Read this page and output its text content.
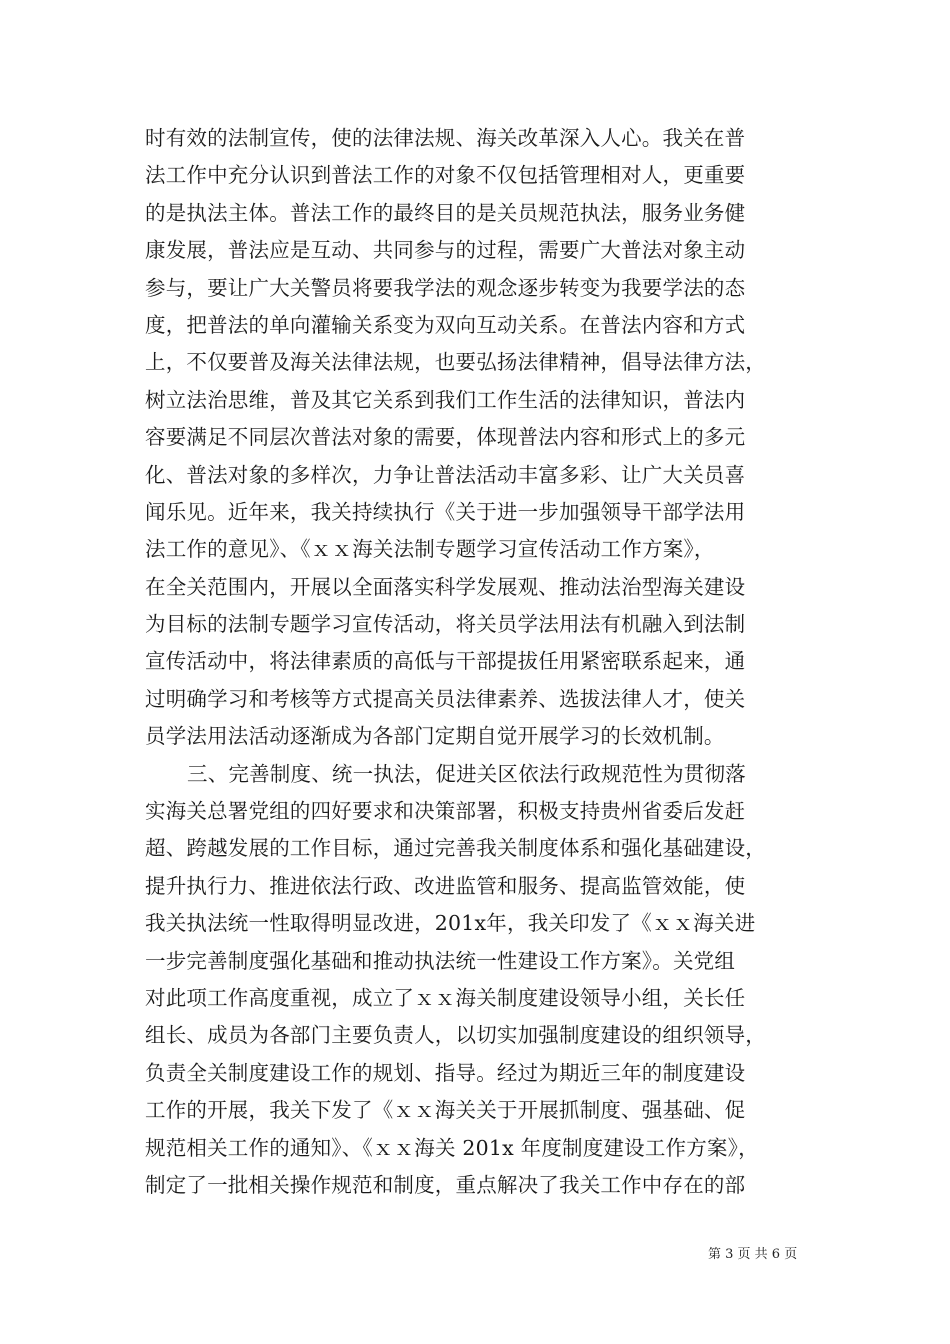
时有效的法制宣传，使的法律法规、海关改革深入人心。我关在普
法工作中充分认识到普法工作的对象不仅包括管理相对人，更重要
的是执法主体。普法工作的最终目的是关员规范执法，服务业务健
康发展，普法应是互动、共同参与的过程，需要广大普法对象主动
参与，要让广大关警员将要我学法的观念逐步转变为我要学法的态
度，把普法的单向灌输关系变为双向互动关系。在普法内容和方式
上，不仅要普及海关法律法规，也要弘扬法律精神，倡导法律方法，
树立法治思维，普及其它关系到我们工作生活的法律知识，普法内
容要满足不同层次普法对象的需要，体现普法内容和形式上的多元
化、普法对象的多样次，力争让普法活动丰富多彩、让广大关员喜
闻乐见。近年来，我关持续执行《关于进一步加强领导干部学法用
法工作的意见》、《ｘｘ海关法制专题学习宣传活动工作方案》，
在全关范围内，开展以全面落实科学发展观、推动法治型海关建设
为目标的法制专题学习宣传活动，将关员学法用法有机融入到法制
宣传活动中，将法律素质的高低与干部提拔任用紧密联系起来，通
过明确学习和考核等方式提高关员法律素养、选拔法律人才，使关
员学法用法活动逐渐成为各部门定期自觉开展学习的长效机制。
三、完善制度、统一执法，促进关区依法行政规范性为贯彻落
实海关总署党组的四好要求和决策部署，积极支持贵州省委后发赶
超、跨越发展的工作目标，通过完善我关制度体系和强化基础建设，
提升执行力、推进依法行政、改进监管和服务、提高监管效能，使
我关执法统一性取得明显改进，201x年，我关印发了《ｘｘ海关进
一步完善制度强化基础和推动执法统一性建设工作方案》。关党组
对此项工作高度重视，成立了ｘｘ海关制度建设领导小组，关长任
组长、成员为各部门主要负责人，以切实加强制度建设的组织领导，
负责全关制度建设工作的规划、指导。经过为期近三年的制度建设
工作的开展，我关下发了《ｘｘ海关关于开展抓制度、强基础、促
规范相关工作的通知》、《ｘｘ海关 201x 年度制度建设工作方案》，
制定了一批相关操作规范和制度，重点解决了我关工作中存在的部
第 3 页 共 6 页
